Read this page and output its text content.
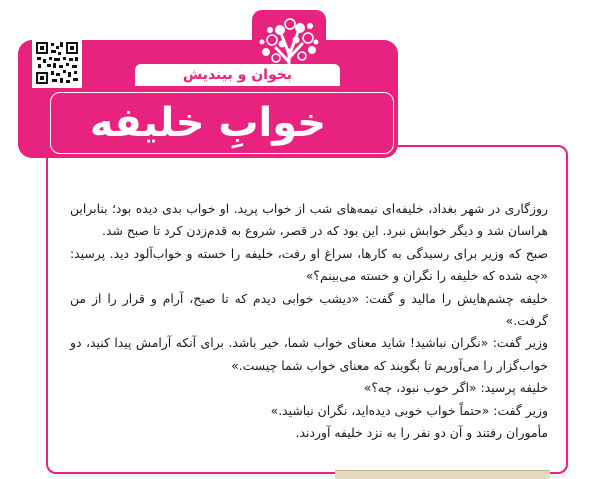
بخوان و بیندیش
خوابِ خلیفه

روزگاری در شهر بغداد، خلیفه‌ای نیمه‌های شب از خواب پرید. او خواب بدی دیده بود؛ بنابراین هراسان شد و دیگر خوابش نبرد. این بود که در قصر، شروع به قدم‌زدن کرد تا صبح شد.

صبح که وزیر برای رسیدگی به کارها، سراغ او رفت، خلیفه را خسته و خواب‌آلود دید. پرسید: «چه شده که خلیفه را نگران و خسته می‌بینم؟»

خلیفه چشم‌هایش را مالید و گفت: «دیشب خوابی دیدم که تا صبح، آرام و قرار را از من گرفت.»

وزیر گفت: «نگران نباشید! شاید معنای خواب شما، خیر باشد. برای آنکه آرامش پیدا کنید، دو خواب‌گزار را می‌آوریم تا بگویند که معنای خواب شما چیست.»

خلیفه پرسید: «اگر خوب نبود، چه؟»

وزیر گفت: «حتماً خواب خوبی دیده‌اید، نگران نباشید.»

مأموران رفتند و آن دو نفر را به نزد خلیفه آوردند.
